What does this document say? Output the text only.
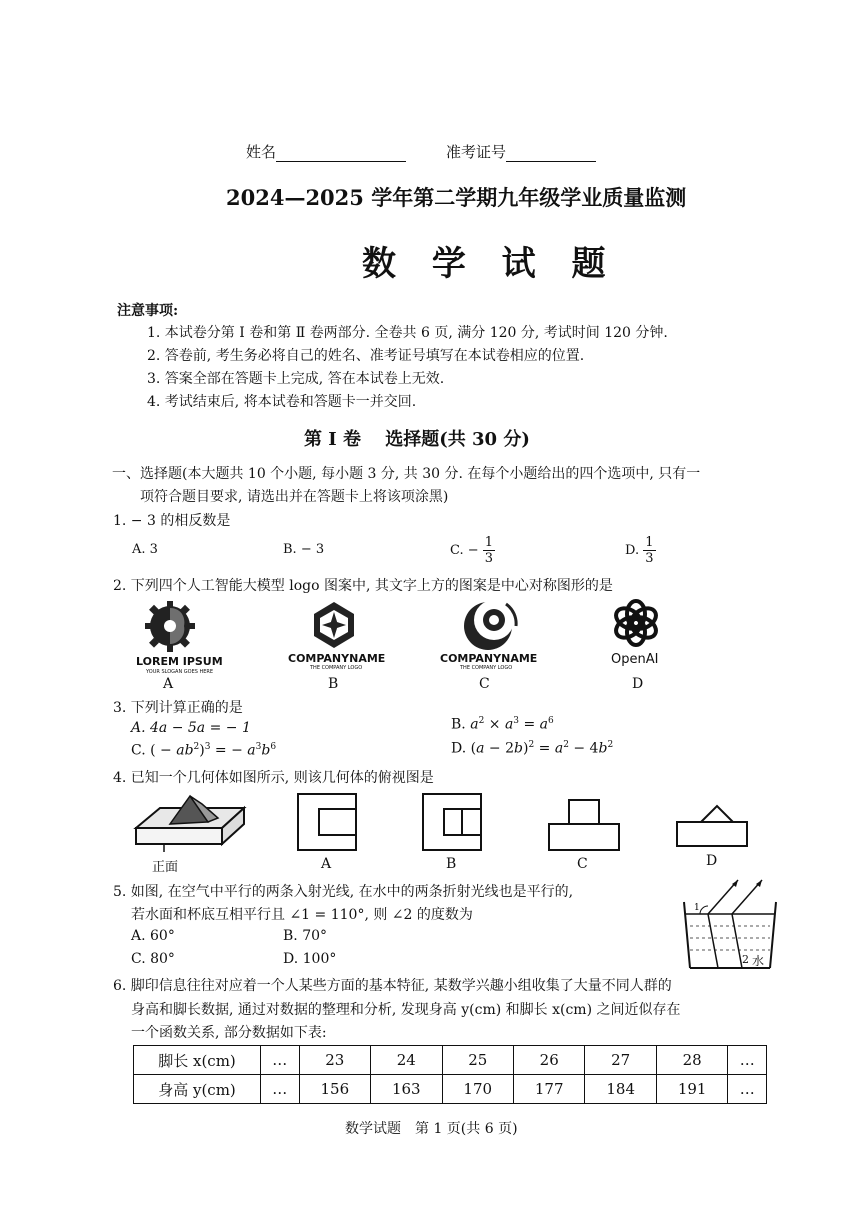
姓名	准考证号
2024—2025 学年第二学期九年级学业质量监测
数 学 试 题
注意事项:
1. 本试卷分第 Ⅰ 卷和第 Ⅱ 卷两部分. 全卷共 6 页, 满分 120 分, 考试时间 120 分钟.
2. 答卷前, 考生务必将自己的姓名、准考证号填写在本试卷相应的位置.
3. 答案全部在答题卡上完成, 答在本试卷上无效.
4. 考试结束后, 将本试卷和答题卡一并交回.
第 Ⅰ 卷　 选择题(共 30 分)
一、选择题(本大题共 10 个小题, 每小题 3 分, 共 30 分. 在每个小题给出的四个选项中, 只有一
项符合题目要求, 请选出并在答题卡上将该项涂黑)
1. − 3 的相反数是
A. 3	B. − 3	C. − $\frac{1}{3}$	D. $\frac{1}{3}$
2. 下列四个人工智能大模型 logo 图案中, 其文字上方的图案是中心对称图形的是
LOREM IPSUM
YOUR SLOGAN GOES HERE
A
COMPANYNAME
THE COMPANY LOGO
B
COMPANYNAME
THE COMPANY LOGO
C
OpenAI
D
3. 下列计算正确的是
A. 4a − 5a = − 1	B. $a^2 \times a^3 = a^6$
C. ( − $ab^2)^3$ = − $a^3b^6$	D. $(a - 2b)^2 = a^2 - 4b^2$
4. 已知一个几何体如图所示, 则该几何体的俯视图是
正面	A	B	C	D
5. 如图, 在空气中平行的两条入射光线, 在水中的两条折射光线也是平行的,
若水面和杯底互相平行且 ∠1 = 110°, 则 ∠2 的度数为
A. 60°	B. 70°
C. 80°	D. 100°
1
2 水
6. 脚印信息往往对应着一个人某些方面的基本特征, 某数学兴趣小组收集了大量不同人群的
身高和脚长数据, 通过对数据的整理和分析, 发现身高 y(cm) 和脚长 x(cm) 之间近似存在
一个函数关系, 部分数据如下表:
脚长 x(cm)	…	23	24	25	26	27	28	…
身高 y(cm)	…	156	163	170	177	184	191	…
数学试题　第 1 页(共 6 页)
